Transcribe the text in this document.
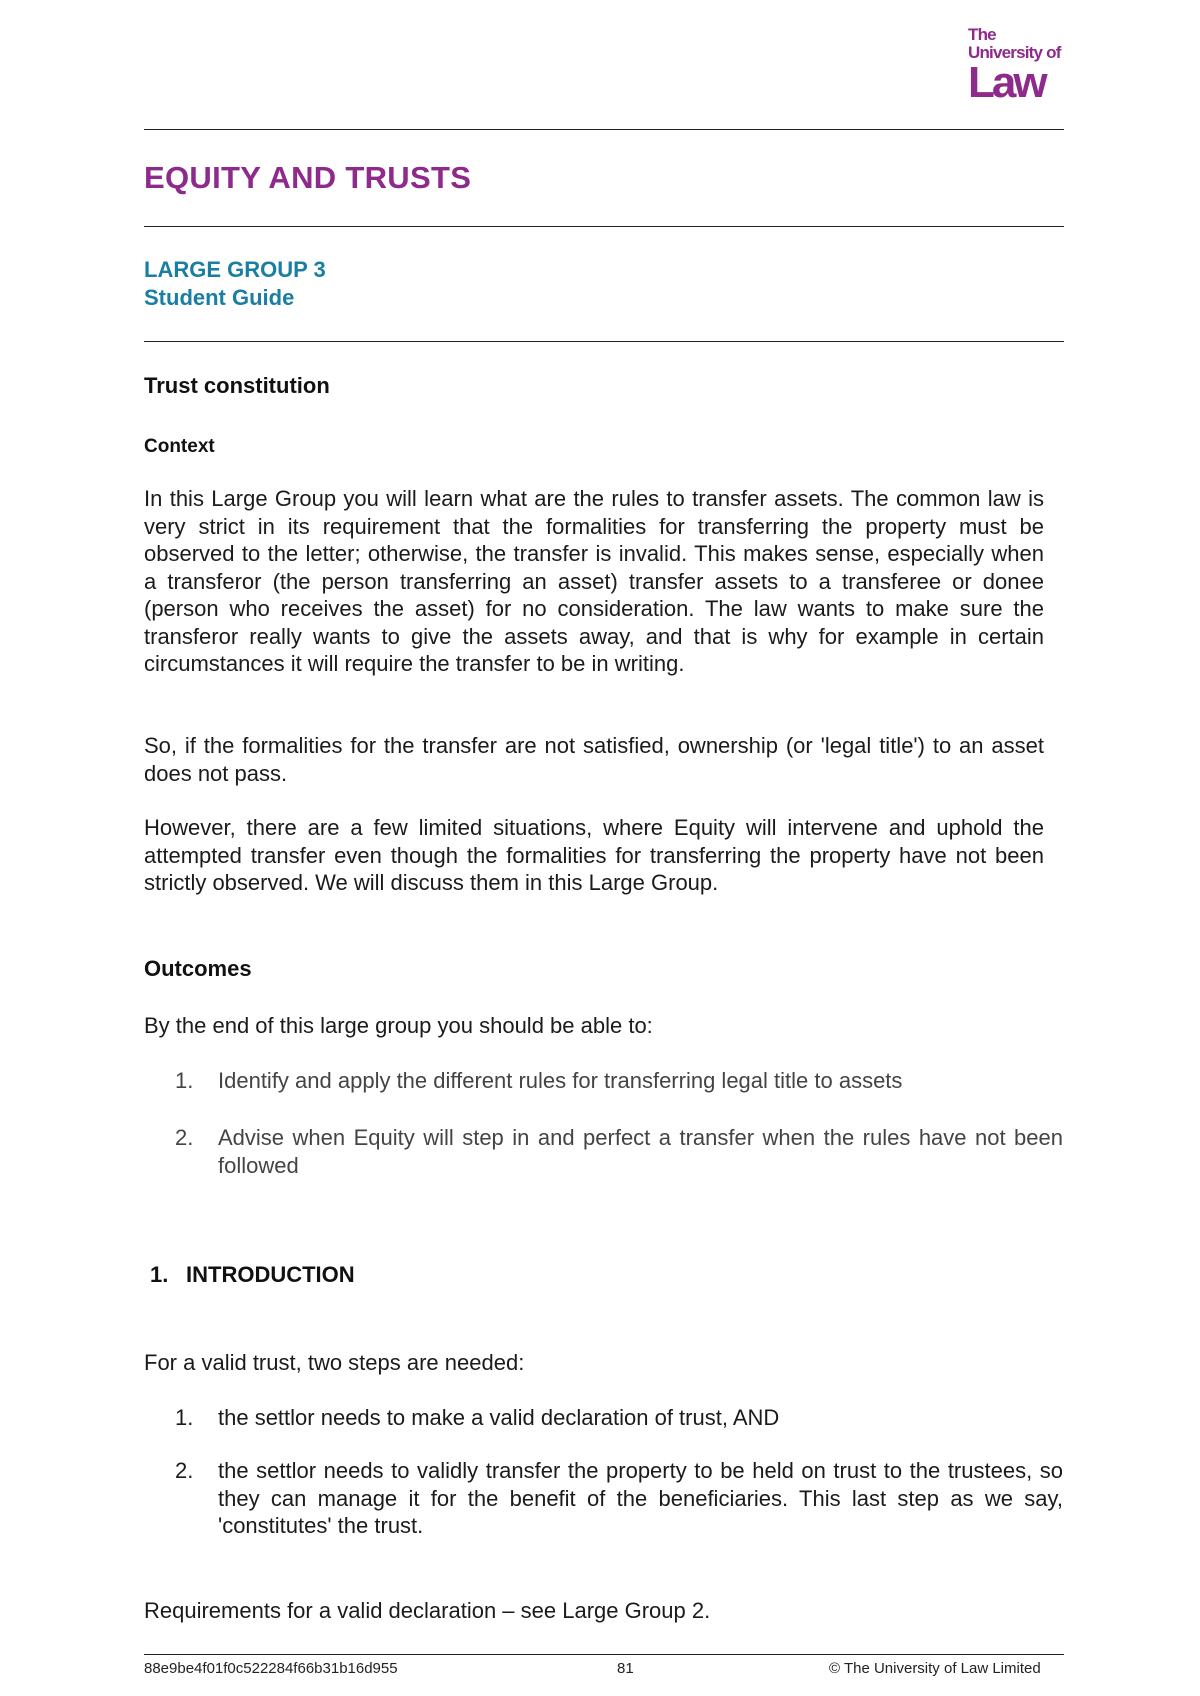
The
University of
Law
EQUITY AND TRUSTS
LARGE GROUP 3
Student Guide
Trust constitution
Context
In this Large Group you will learn what are the rules to transfer assets. The common law is very strict in its requirement that the formalities for transferring the property must be observed to the letter; otherwise, the transfer is invalid. This makes sense, especially when a transferor (the person transferring an asset) transfer assets to a transferee or donee (person who receives the asset) for no consideration. The law wants to make sure the transferor really wants to give the assets away, and that is why for example in certain circumstances it will require the transfer to be in writing.
So, if the formalities for the transfer are not satisfied, ownership (or 'legal title') to an asset does not pass.
However, there are a few limited situations, where Equity will intervene and uphold the attempted transfer even though the formalities for transferring the property have not been strictly observed. We will discuss them in this Large Group.
Outcomes
By the end of this large group you should be able to:
1.	Identify and apply the different rules for transferring legal title to assets
2.	Advise when Equity will step in and perfect a transfer when the rules have not been followed
1. INTRODUCTION
For a valid trust, two steps are needed:
1.	the settlor needs to make a valid declaration of trust, AND
2.	the settlor needs to validly transfer the property to be held on trust to the trustees, so they can manage it for the benefit of the beneficiaries. This last step as we say, 'constitutes' the trust.
Requirements for a valid declaration – see Large Group 2.
88e9be4f01f0c522284f66b31b16d955	81	© The University of Law Limited
